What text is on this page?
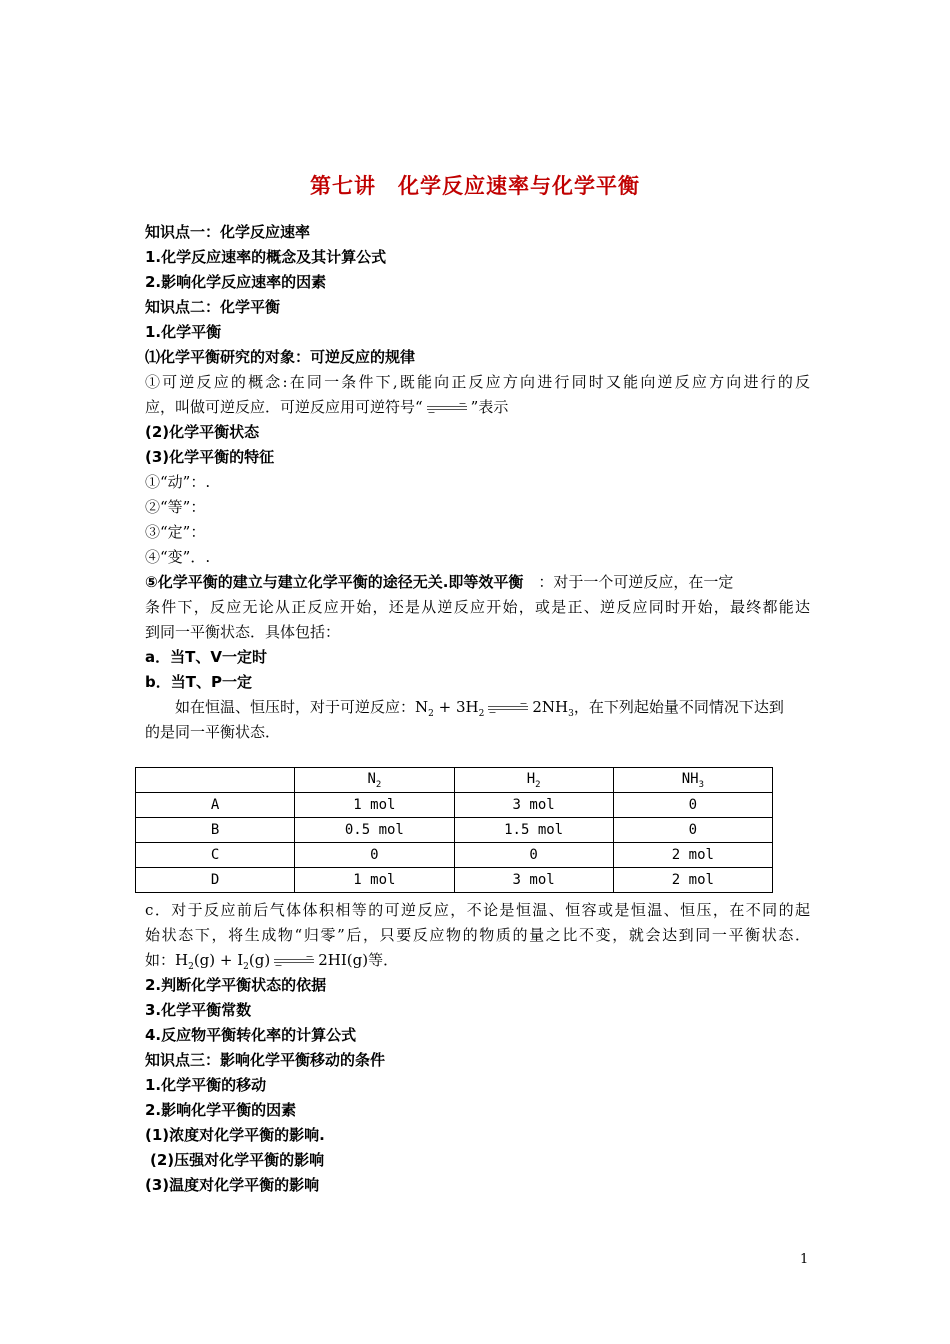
第七讲　化学反应速率与化学平衡
知识点一：化学反应速率
1.化学反应速率的概念及其计算公式
2.影响化学反应速率的因素
知识点二：化学平衡
1.化学平衡
⑴化学平衡研究的对象：可逆反应的规律
①可逆反应的概念:在同一条件下,既能向正反应方向进行同时又能向逆反应方向进行的反
应，叫做可逆反应．可逆反应用可逆符号“ → ”表示
(2)化学平衡状态
(3)化学平衡的特征
①“动”：.
②“等”：
③“定”：
④“变”．.
⑤化学平衡的建立与建立化学平衡的途径无关.即等效平衡　：对于一个可逆反应，在一定
条件下，反应无论从正反应开始，还是从逆反应开始，或是正、逆反应同时开始，最终都能达
到同一平衡状态．具体包括：
a．当T、V一定时
b．当T、P一定
如在恒温、恒压时，对于可逆反应：$N_2 + 3H_2 \to 2NH_3$，在下列起始量不同情况下达到
的是同一平衡状态．
	$N_2$	$H_2$	$NH_3$
A	1 mol	3 mol	0
B	0.5 mol	1.5 mol	0
C	0	0	2 mol
D	1 mol	3 mol	2 mol
c．对于反应前后气体体积相等的可逆反应，不论是恒温、恒容或是恒温、恒压，在不同的起
始状态下，将生成物“归零”后，只要反应物的物质的量之比不变，就会达到同一平衡状态．
如：$H_2(g) + I_2(g) \to 2HI(g)$等．
2.判断化学平衡状态的依据
3.化学平衡常数
4.反应物平衡转化率的计算公式
知识点三：影响化学平衡移动的条件
1.化学平衡的移动
2.影响化学平衡的因素
(1)浓度对化学平衡的影响.
(2)压强对化学平衡的影响
(3)温度对化学平衡的影响
1
